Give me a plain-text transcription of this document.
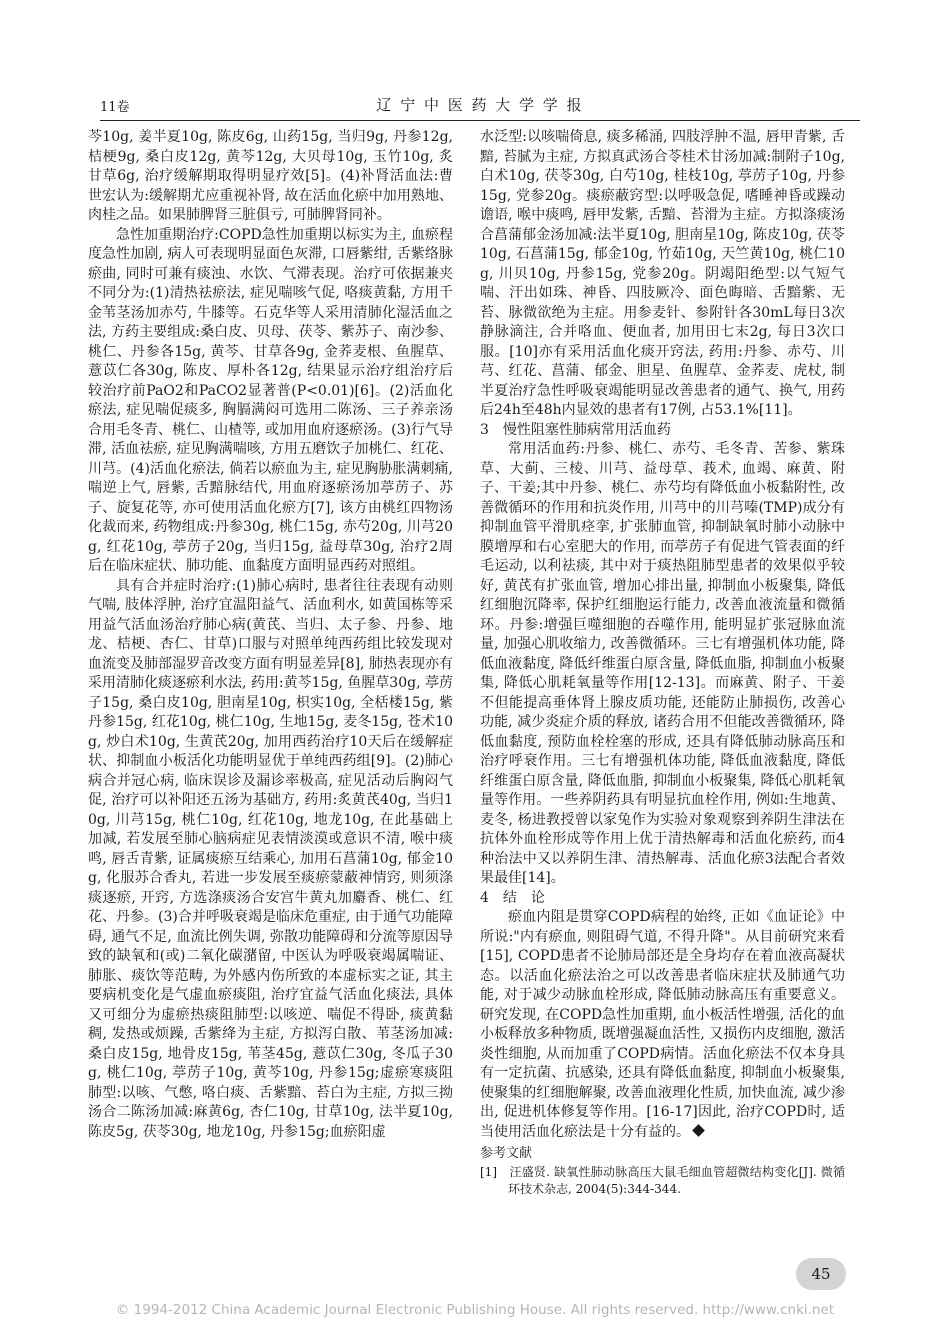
11卷	辽 宁 中 医 药 大 学 学 报

芩10g, 姜半夏10g, 陈皮6g, 山药15g, 当归9g, 丹参12g, 桔梗9g, 桑白皮12g, 黄芩12g, 大贝母10g, 玉竹10g, 炙甘草6g, 治疗缓解期取得明显疗效[5]。(4)补肾活血法:曹世宏认为:缓解期尤应重视补肾, 故在活血化瘀中加用熟地、肉桂之品。如果肺脾肾三脏俱亏, 可肺脾肾同补。

急性加重期治疗:COPD急性加重期以标实为主, 血瘀程度急性加剧, 病人可表现明显面色灰滞, 口唇紫绀, 舌紫络脉瘀曲, 同时可兼有痰浊、水饮、气滞表现。治疗可依据兼夹不同分为:(1)清热祛瘀法, 症见喘咳气促, 咯痰黄黏, 方用千金苇茎汤加赤芍, 牛膝等。石克华等人采用清肺化湿活血之法, 方药主要组成:桑白皮、贝母、茯苓、紫苏子、南沙参、桃仁、丹参各15g, 黄芩、甘草各9g, 金荞麦根、鱼腥草、薏苡仁各30g, 陈皮、厚朴各12g, 结果显示治疗组治疗后较治疗前PaO2和PaCO2显著普(P<0.01)[6]。(2)活血化瘀法, 症见喘促痰多, 胸膈满闷可选用二陈汤、三子养亲汤合用毛冬青、桃仁、山楂等, 或加用血府逐瘀汤。(3)行气导滞, 活血祛瘀, 症见胸满喘咳, 方用五磨饮子加桃仁、红花、川芎。(4)活血化瘀法, 倘若以瘀血为主, 症见胸胁胀满刺痛, 喘逆上气, 唇紫, 舌黯脉结代, 用血府逐瘀汤加葶苈子、苏子、旋复花等, 亦可使用活血化瘀方[7], 该方由桃红四物汤化裁而来, 药物组成:丹参30g, 桃仁15g, 赤芍20g, 川芎20g, 红花10g, 葶苈子20g, 当归15g, 益母草30g, 治疗2周后在临床症状、肺功能、血黏度方面明显西药对照组。

具有合并症时治疗:(1)肺心病时, 患者往往表现有动则气喘, 肢体浮肿, 治疗宜温阳益气、活血利水, 如黄国栋等采用益气活血汤治疗肺心病(黄芪、当归、太子参、丹参、地龙、桔梗、杏仁、甘草)口服与对照单纯西药组比较发现对血流变及肺部湿罗音改变方面有明显差异[8], 肺热表现亦有采用清肺化痰逐瘀利水法, 药用:黄芩15g, 鱼腥草30g, 葶苈子15g, 桑白皮10g, 胆南星10g, 枳实10g, 全栝楼15g, 紫丹参15g, 红花10g, 桃仁10g, 生地15g, 麦冬15g, 苍术10g, 炒白术10g, 生黄芪20g, 加用西药治疗10天后在缓解症状、抑制血小板活化功能明显优于单纯西药组[9]。(2)肺心病合并冠心病, 临床误诊及漏诊率极高, 症见活动后胸闷气促, 治疗可以补阳还五汤为基础方, 药用:炙黄芪40g, 当归10g, 川芎15g, 桃仁10g, 红花10g, 地龙10g, 在此基础上加减, 若发展至肺心脑病症见表情淡漠或意识不清, 喉中痰鸣, 唇舌青紫, 证属痰瘀互结乘心, 加用石菖蒲10g, 郁金10g, 化服苏合香丸, 若进一步发展至痰瘀蒙蔽神情窍, 则须涤痰逐瘀, 开窍, 方选涤痰汤合安宫牛黄丸加麝香、桃仁、红花、丹参。(3)合并呼吸衰竭是临床危重症, 由于通气功能障碍, 通气不足, 血流比例失调, 弥散功能障碍和分流等原因导致的缺氧和(或)二氧化碳潴留, 中医认为呼吸衰竭属喘证、肺胀、痰饮等范畴, 为外感内伤所致的本虚标实之证, 其主要病机变化是气虚血瘀痰阻, 治疗宜益气活血化痰法, 具体又可细分为虚瘀热痰阻肺型:以咳逆、喘促不得卧, 痰黄黏稠, 发热或烦躁, 舌紫绛为主症, 方拟泻白散、苇茎汤加减:桑白皮15g, 地骨皮15g, 苇茎45g, 薏苡仁30g, 冬瓜子30g, 桃仁10g, 葶苈子10g, 黄芩10g, 丹参15g;虚瘀寒痰阻肺型:以咳、气憋, 咯白痰、舌紫黯、苔白为主症, 方拟三拗汤合二陈汤加减:麻黄6g, 杏仁10g, 甘草10g, 法半夏10g, 陈皮5g, 茯苓30g, 地龙10g, 丹参15g;血瘀阳虚

水泛型:以咳喘倚息, 痰多稀涌, 四肢浮肿不温, 唇甲青紫, 舌黯, 苔腻为主症, 方拟真武汤合苓桂术甘汤加减:制附子10g, 白术10g, 茯苓30g, 白芍10g, 桂枝10g, 葶苈子10g, 丹参15g, 党参20g。痰瘀蔽窍型:以呼吸急促, 嗜睡神昏或躁动谵语, 喉中痰鸣, 唇甲发紫, 舌黯、苔滑为主症。方拟涤痰汤合菖蒲郁金汤加减:法半夏10g, 胆南星10g, 陈皮10g, 茯苓10g, 石菖蒲15g, 郁金10g, 竹茹10g, 天竺黄10g, 桃仁10g, 川贝10g, 丹参15g, 党参20g。阴竭阳绝型:以气短气喘、汗出如珠、神昏、四肢厥冷、面色晦暗、舌黯紫、无苔、脉微欲绝为主症。用参麦针、参附针各30mL每日3次静脉滴注, 合并咯血、便血者, 加用田七末2g, 每日3次口服。[10]亦有采用活血化痰开窍法, 药用:丹参、赤芍、川芎、红花、菖蒲、郁金、胆星、鱼腥草、金荞麦、虎杖, 制半夏治疗急性呼吸衰竭能明显改善患者的通气、换气, 用药后24h至48h内显效的患者有17例, 占53.1%[11]。

3　慢性阻塞性肺病常用活血药

常用活血药:丹参、桃仁、赤芍、毛冬青、苦参、紫珠草、大蓟、三棱、川芎、益母草、莪术, 血竭、麻黄、附子、干姜;其中丹参、桃仁、赤芍均有降低血小板黏附性, 改善微循环的作用和抗炎作用, 川芎中的川芎嗪(TMP)成分有抑制血管平滑肌痉挛, 扩张肺血管, 抑制缺氧时肺小动脉中膜增厚和右心室肥大的作用, 而葶苈子有促进气管表面的纤毛运动, 以利祛痰, 其中对于痰热阻肺型患者的效果似乎较好, 黄芪有扩张血管, 增加心排出量, 抑制血小板聚集, 降低红细胞沉降率, 保护红细胞运行能力, 改善血液流量和微循环。丹参:增强巨噬细胞的吞噬作用, 能明显扩张冠脉血流量, 加强心肌收缩力, 改善微循环。三七有增强机体功能, 降低血液黏度, 降低纤维蛋白原含量, 降低血脂, 抑制血小板聚集, 降低心肌耗氧量等作用[12-13]。而麻黄、附子、干姜不但能提高垂体肾上腺皮质功能, 还能防止肺损伤, 改善心功能, 减少炎症介质的释放, 诸药合用不但能改善微循环, 降低血黏度, 预防血栓栓塞的形成, 还具有降低肺动脉高压和治疗呼衰作用。三七有增强机体功能, 降低血液黏度, 降低纤维蛋白原含量, 降低血脂, 抑制血小板聚集, 降低心肌耗氧量等作用。一些养阴药具有明显抗血栓作用, 例如:生地黄、麦冬, 杨进教授曾以家兔作为实验对象观察到养阴生津法在抗体外血栓形成等作用上优于清热解毒和活血化瘀药, 而4种治法中又以养阴生津、清热解毒、活血化瘀3法配合者效果最佳[14]。

4　结　论

瘀血内阻是贯穿COPD病程的始终, 正如《血证论》中所说:"内有瘀血, 则阻碍气道, 不得升降"。从目前研究来看[15], COPD患者不论肺局部还是全身均存在着血液高凝状态。以活血化瘀法治之可以改善患者临床症状及肺通气功能, 对于减少动脉血栓形成, 降低肺动脉高压有重要意义。研究发现, 在COPD急性加重期, 血小板活性增强, 活化的血小板释放多种物质, 既增强凝血活性, 又损伤内皮细胞, 激活炎性细胞, 从而加重了COPD病情。活血化瘀法不仅本身具有一定抗菌、抗感染, 还具有降低血黏度, 抑制血小板聚集, 使聚集的红细胞解聚, 改善血液理化性质, 加快血流, 减少渗出, 促进机体修复等作用。[16-17]因此, 治疗COPD时, 适当使用活血化瘀法是十分有益的。

参考文献
[1]　汪盛贤. 缺氧性肺动脉高压大鼠毛细血管超微结构变化[J]. 微循环技术杂志, 2004(5):344-344.
45
© 1994-2012 China Academic Journal Electronic Publishing House. All rights reserved. http://www.cnki.net
